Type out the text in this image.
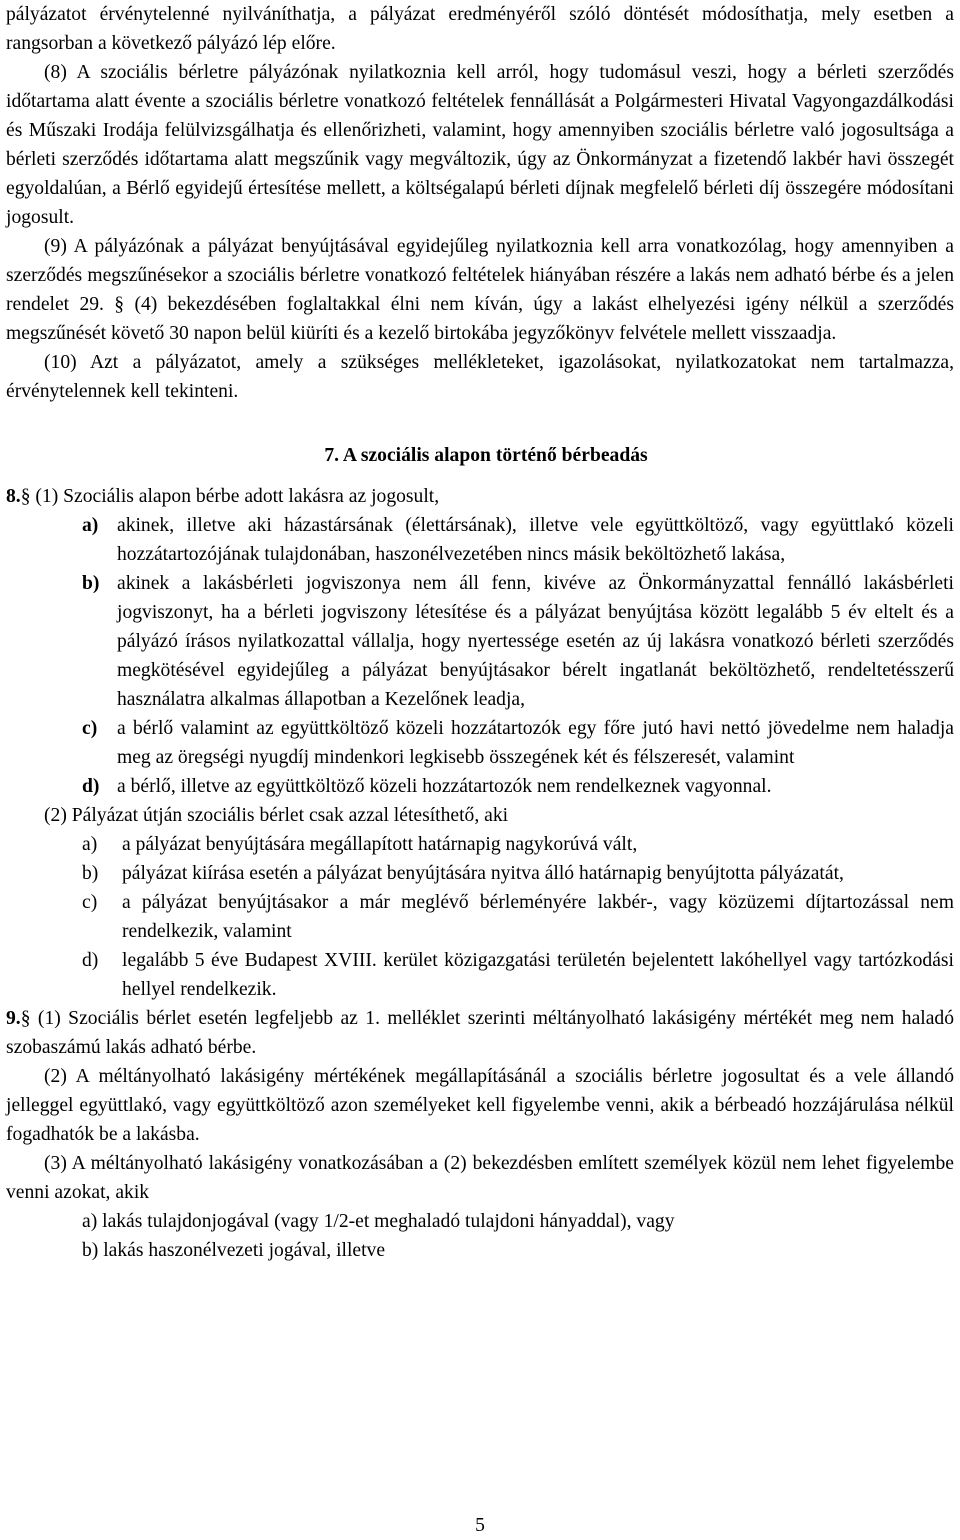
pályázatot érvénytelenné nyilváníthatja, a pályázat eredményéről szóló döntését módosíthatja, mely esetben a rangsorban a következő pályázó lép előre.

(8) A szociális bérletre pályázónak nyilatkoznia kell arról, hogy tudomásul veszi, hogy a bérleti szerződés időtartama alatt évente a szociális bérletre vonatkozó feltételek fennállását a Polgármesteri Hivatal Vagyongazdálkodási és Műszaki Irodája felülvizsgálhatja és ellenőrizheti, valamint, hogy amennyiben szociális bérletre való jogosultsága a bérleti szerződés időtartama alatt megszűnik vagy megváltozik, úgy az Önkormányzat a fizetendő lakbér havi összegét egyoldalúan, a Bérlő egyidejű értesítése mellett, a költségalapú bérleti díjnak megfelelő bérleti díj összegére módosítani jogosult.

(9) A pályázónak a pályázat benyújtásával egyidejűleg nyilatkoznia kell arra vonatkozólag, hogy amennyiben a szerződés megszűnésekor a szociális bérletre vonatkozó feltételek hiányában részére a lakás nem adható bérbe és a jelen rendelet 29. § (4) bekezdésében foglaltakkal élni nem kíván, úgy a lakást elhelyezési igény nélkül a szerződés megszűnését követő 30 napon belül kiüríti és a kezelő birtokába jegyzőkönyv felvétele mellett visszaadja.

(10) Azt a pályázatot, amely a szükséges mellékleteket, igazolásokat, nyilatkozatokat nem tartalmazza, érvénytelennek kell tekinteni.

7. A szociális alapon történő bérbeadás

8.§ (1) Szociális alapon bérbe adott lakásra az jogosult,

a) akinek, illetve aki házastársának (élettársának), illetve vele együttköltöző, vagy együttlakó közeli hozzátartozójának tulajdonában, haszonélvezetében nincs másik beköltözhető lakása,

b) akinek a lakásbérleti jogviszonya nem áll fenn, kivéve az Önkormányzattal fennálló lakásbérleti jogviszonyt, ha a bérleti jogviszony létesítése és a pályázat benyújtása között legalább 5 év eltelt és a pályázó írásos nyilatkozattal vállalja, hogy nyertessége esetén az új lakásra vonatkozó bérleti szerződés megkötésével egyidejűleg a pályázat benyújtásakor bérelt ingatlanát beköltözhető, rendeltetésszerű használatra alkalmas állapotban a Kezelőnek leadja,

c) a bérlő valamint az együttköltöző közeli hozzátartozók egy főre jutó havi nettó jövedelme nem haladja meg az öregségi nyugdíj mindenkori legkisebb összegének két és félszeresét, valamint

d) a bérlő, illetve az együttköltöző közeli hozzátartozók nem rendelkeznek vagyonnal.

(2) Pályázat útján szociális bérlet csak azzal létesíthető, aki

a) a pályázat benyújtására megállapított határnapig nagykorúvá vált,

b) pályázat kiírása esetén a pályázat benyújtására nyitva álló határnapig benyújtotta pályázatát,

c) a pályázat benyújtásakor a már meglévő bérleményére lakbér-, vagy közüzemi díjtartozással nem rendelkezik, valamint

d) legalább 5 éve Budapest XVIII. kerület közigazgatási területén bejelentett lakóhellyel vagy tartózkodási hellyel rendelkezik.

9.§ (1) Szociális bérlet esetén legfeljebb az 1. melléklet szerinti méltányolható lakásigény mértékét meg nem haladó szobaszámú lakás adható bérbe.

(2) A méltányolható lakásigény mértékének megállapításánál a szociális bérletre jogosultat és a vele állandó jelleggel együttlakó, vagy együttköltöző azon személyeket kell figyelembe venni, akik a bérbeadó hozzájárulása nélkül fogadhatók be a lakásba.

(3) A méltányolható lakásigény vonatkozásában a (2) bekezdésben említett személyek közül nem lehet figyelembe venni azokat, akik

a) lakás tulajdonjogával (vagy 1/2-et meghaladó tulajdoni hányaddal), vagy

b) lakás haszonélvezeti jogával, illetve

5
